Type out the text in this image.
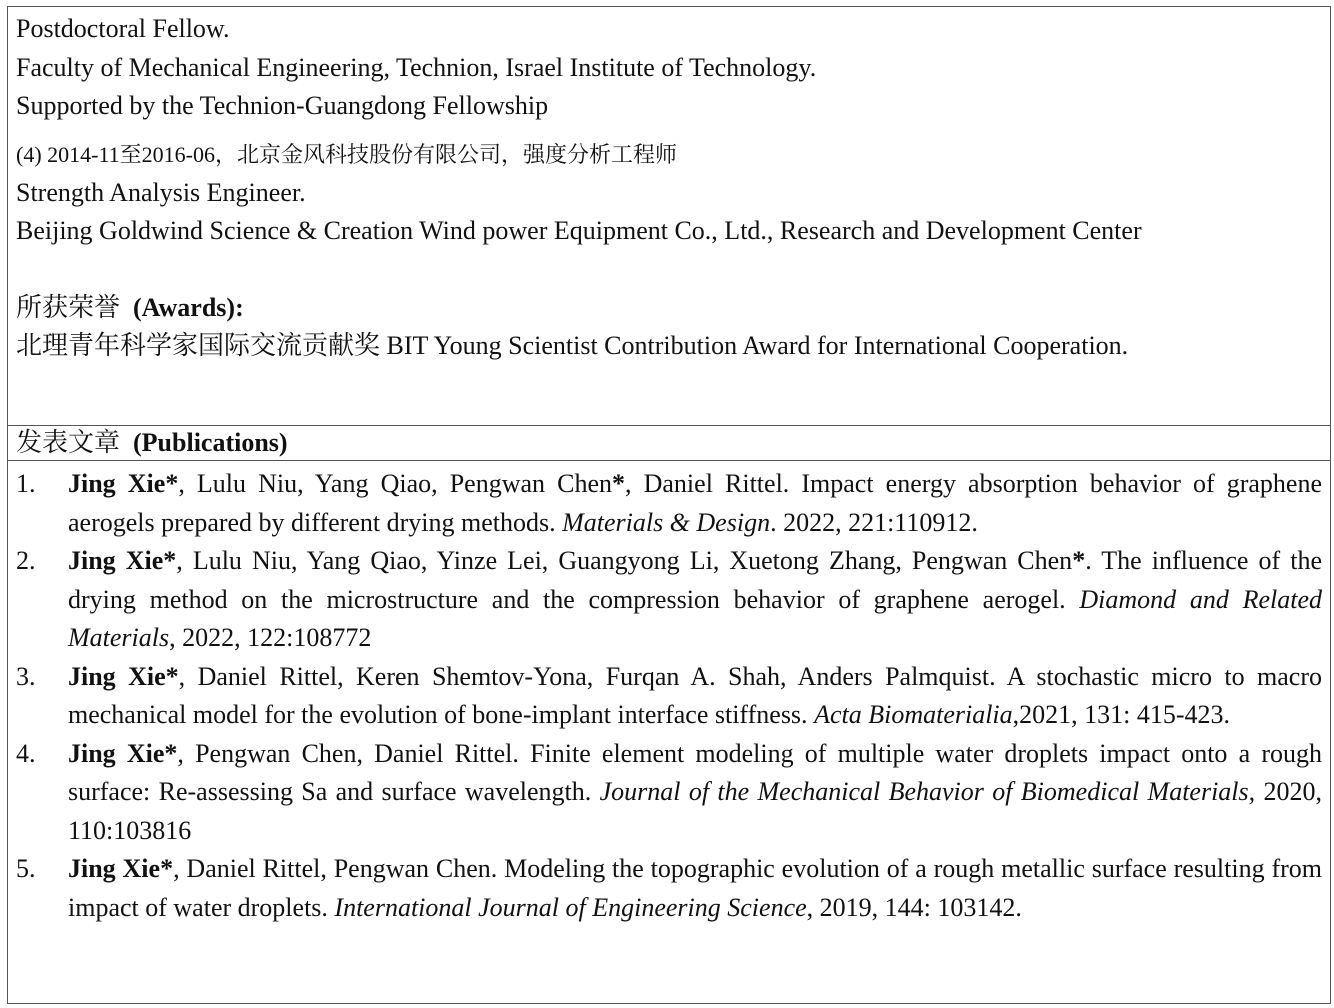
Postdoctoral Fellow.
Faculty of Mechanical Engineering, Technion, Israel Institute of Technology.
Supported by the Technion-Guangdong Fellowship
(4) 2014-11至2016-06，北京金风科技股份有限公司，强度分析工程师
Strength Analysis Engineer.
Beijing Goldwind Science & Creation Wind power Equipment Co., Ltd., Research and Development Center
所获荣誉 (Awards):
北理青年科学家国际交流贡献奖 BIT Young Scientist Contribution Award for International Cooperation.
发表文章 (Publications)
1.	Jing Xie*, Lulu Niu, Yang Qiao, Pengwan Chen*, Daniel Rittel. Impact energy absorption behavior of graphene aerogels prepared by different drying methods. Materials & Design. 2022, 221:110912.
2.	Jing Xie*, Lulu Niu, Yang Qiao, Yinze Lei, Guangyong Li, Xuetong Zhang, Pengwan Chen*. The influence of the drying method on the microstructure and the compression behavior of graphene aerogel. Diamond and Related Materials, 2022, 122:108772
3.	Jing Xie*, Daniel Rittel, Keren Shemtov-Yona, Furqan A. Shah, Anders Palmquist. A stochastic micro to macro mechanical model for the evolution of bone-implant interface stiffness. Acta Biomaterialia,2021, 131: 415-423.
4.	Jing Xie*, Pengwan Chen, Daniel Rittel. Finite element modeling of multiple water droplets impact onto a rough surface: Re-assessing Sa and surface wavelength. Journal of the Mechanical Behavior of Biomedical Materials, 2020, 110:103816
5.	Jing Xie*, Daniel Rittel, Pengwan Chen. Modeling the topographic evolution of a rough metallic surface resulting from impact of water droplets. International Journal of Engineering Science, 2019, 144: 103142.
